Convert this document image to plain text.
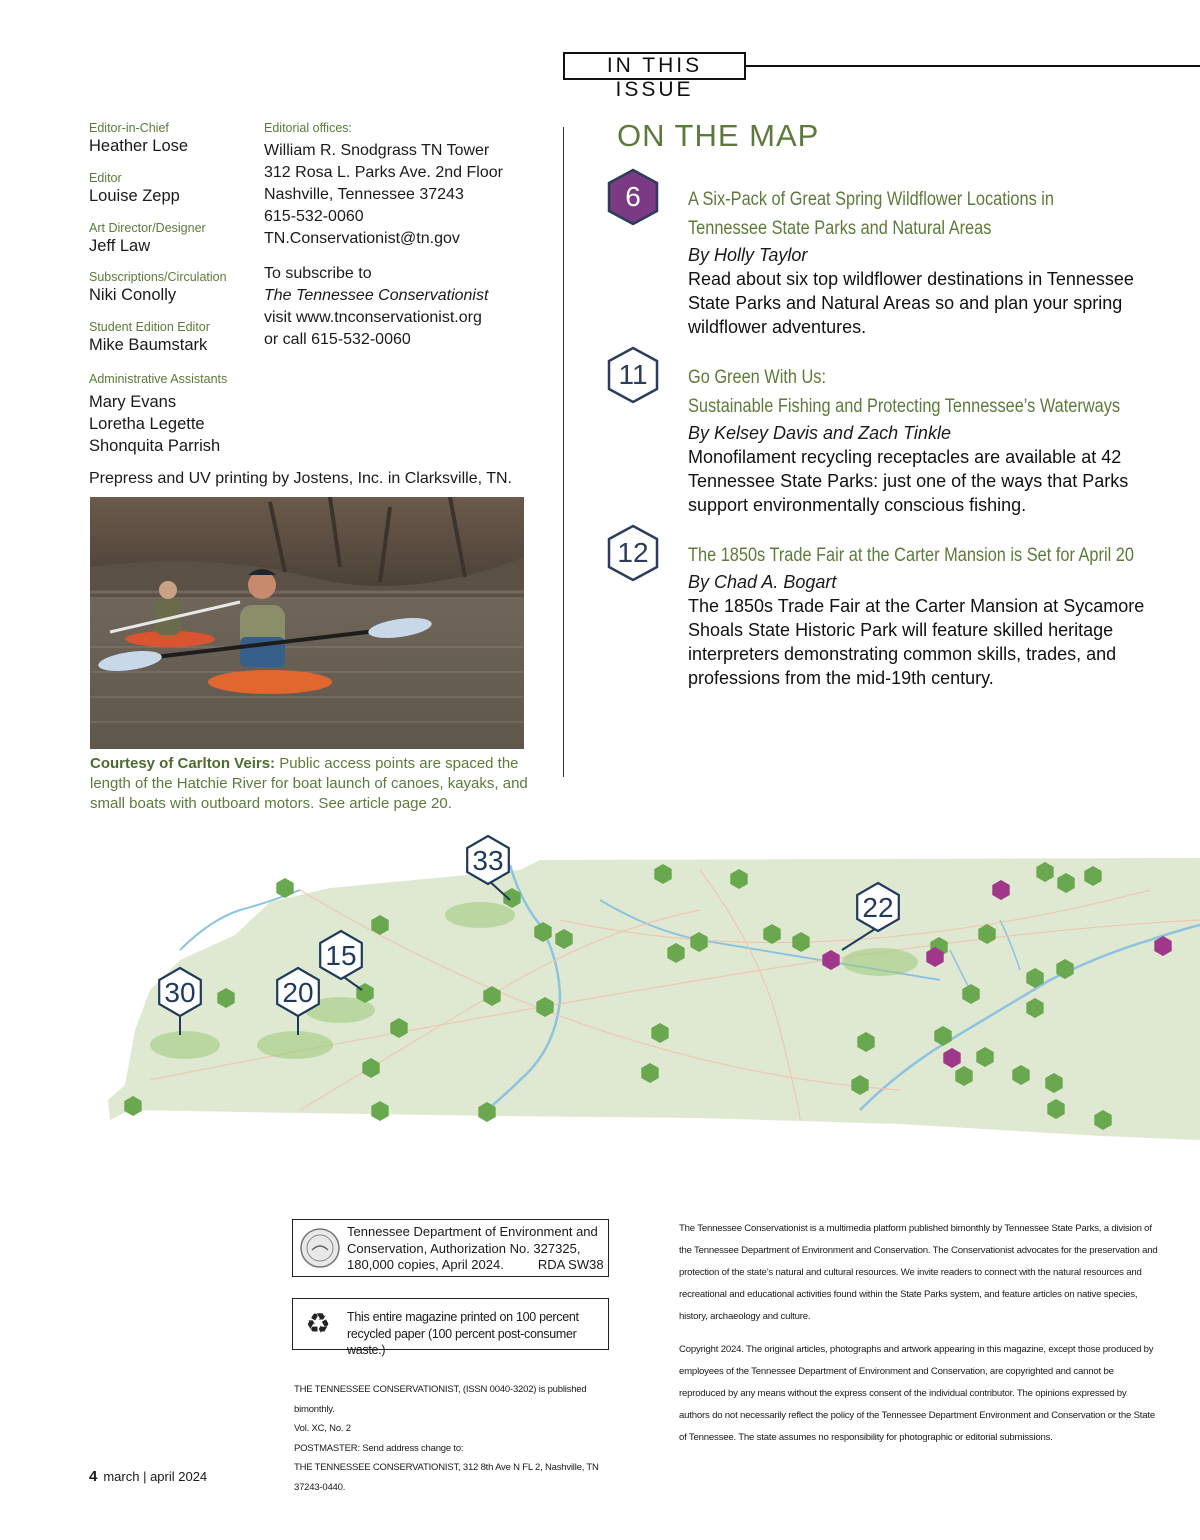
IN THIS ISSUE
Editor-in-Chief
Heather Lose
Editor
Louise Zepp
Art Director/Designer
Jeff Law
Subscriptions/Circulation
Niki Conolly
Student Edition Editor
Mike Baumstark
Administrative Assistants
Mary Evans
Loretha Legette
Shonquita Parrish
Editorial offices:
William R. Snodgrass TN Tower
312 Rosa L. Parks Ave. 2nd Floor
Nashville, Tennessee 37243
615-532-0060
TN.Conservationist@tn.gov
To subscribe to
The Tennessee Conservationist
visit www.tnconservationist.org
or call 615-532-0060
Prepress and UV printing by Jostens, Inc. in Clarksville, TN.
Courtesy of Carlton Veirs: Public access points are spaced the length of the Hatchie River for boat launch of canoes, kayaks, and small boats with outboard motors. See article page 20.
ON THE MAP
6	A Six-Pack of Great Spring Wildflower Locations in
Tennessee State Parks and Natural Areas
By Holly Taylor
Read about six top wildflower destinations in Tennessee State Parks and Natural Areas so and plan your spring wildflower adventures.
11	Go Green With Us:
Sustainable Fishing and Protecting Tennessee’s Waterways
By Kelsey Davis and Zach Tinkle
Monofilament recycling receptacles are available at 42 Tennessee State Parks: just one of the ways that Parks support environmentally conscious fishing.
12	The 1850s Trade Fair at the Carter Mansion is Set for April 20
By Chad A. Bogart
The 1850s Trade Fair at the Carter Mansion at Sycamore Shoals State Historic Park will feature skilled heritage interpreters demonstrating common skills, trades, and professions from the mid-19th century.
33
22
15
30	20
Tennessee Department of Environment and
Conservation, Authorization No. 327325,
180,000 copies, April 2024.	RDA SW38
♻ This entire magazine printed on 100 percent
recycled paper (100 percent post-consumer waste.)
THE TENNESSEE CONSERVATIONIST, (ISSN 0040-3202) is published bimonthly.
Vol. XC, No. 2
POSTMASTER: Send address change to:
THE TENNESSEE CONSERVATIONIST, 312 8th Ave N FL 2, Nashville, TN 37243-0440.

The Tennessee Conservationist is a multimedia platform published bimonthly by Tennessee State Parks, a division of the Tennessee Department of Environment and Conservation. The Conservationist advocates for the preservation and protection of the state’s natural and cultural resources. We invite readers to connect with the natural resources and recreational and educational activities found within the State Parks system, and feature articles on native species, history, archaeology and culture.

Copyright 2024. The original articles, photographs and artwork appearing in this magazine, except those produced by employees of the Tennessee Department of Environment and Conservation, are copyrighted and cannot be reproduced by any means without the express consent of the individual contributor. The opinions expressed by authors do not necessarily reflect the policy of the Tennessee Department Environment and Conservation or the State of Tennessee. The state assumes no responsibility for photographic or editorial submissions.

4 march | april 2024
